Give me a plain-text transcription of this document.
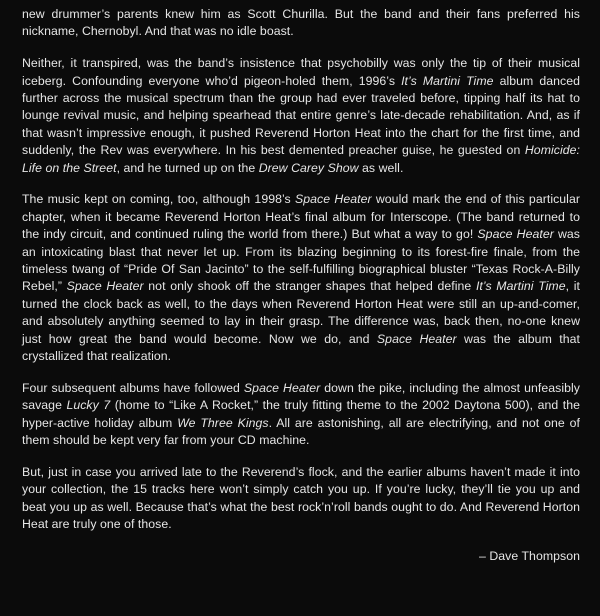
new drummer’s parents knew him as Scott Churilla. But the band and their fans preferred his nickname, Chernobyl. And that was no idle boast.

Neither, it transpired, was the band’s insistence that psychobilly was only the tip of their musical iceberg. Confounding everyone who’d pigeon-holed them, 1996’s It’s Martini Time album danced further across the musical spectrum than the group had ever traveled before, tipping half its hat to lounge revival music, and helping spearhead that entire genre’s late-decade rehabilitation. And, as if that wasn’t impressive enough, it pushed Reverend Horton Heat into the chart for the first time, and suddenly, the Rev was everywhere. In his best demented preacher guise, he guested on Homicide: Life on the Street, and he turned up on the Drew Carey Show as well.

The music kept on coming, too, although 1998’s Space Heater would mark the end of this particular chapter, when it became Reverend Horton Heat’s final album for Interscope. (The band returned to the indy circuit, and continued ruling the world from there.) But what a way to go! Space Heater was an intoxicating blast that never let up. From its blazing beginning to its forest-fire finale, from the timeless twang of “Pride Of San Jacinto” to the self-fulfilling biographical bluster “Texas Rock-A-Billy Rebel,” Space Heater not only shook off the stranger shapes that helped define It’s Martini Time, it turned the clock back as well, to the days when Reverend Horton Heat were still an up-and-comer, and absolutely anything seemed to lay in their grasp. The difference was, back then, no-one knew just how great the band would become. Now we do, and Space Heater was the album that crystallized that realization.

Four subsequent albums have followed Space Heater down the pike, including the almost unfeasibly savage Lucky 7 (home to “Like A Rocket,” the truly fitting theme to the 2002 Daytona 500), and the hyper-active holiday album We Three Kings. All are astonishing, all are electrifying, and not one of them should be kept very far from your CD machine.

But, just in case you arrived late to the Reverend’s flock, and the earlier albums haven’t made it into your collection, the 15 tracks here won’t simply catch you up. If you’re lucky, they’ll tie you up and beat you up as well. Because that’s what the best rock’n’roll bands ought to do. And Reverend Horton Heat are truly one of those.

– Dave Thompson
